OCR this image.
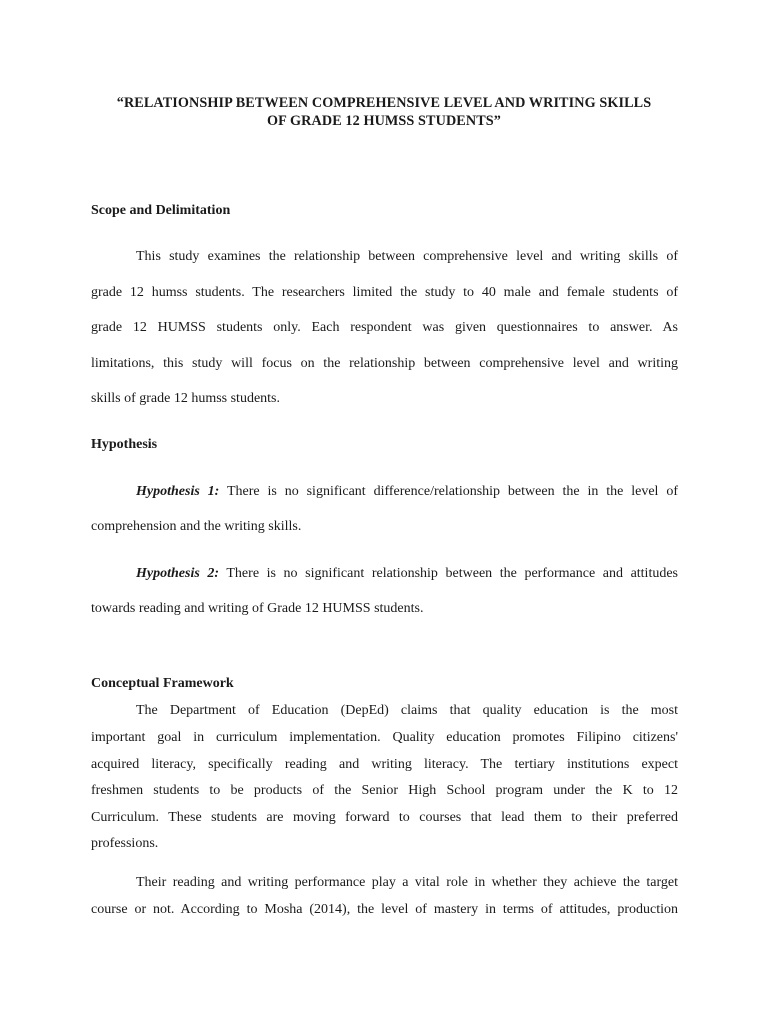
“RELATIONSHIP BETWEEN COMPREHENSIVE LEVEL AND WRITING SKILLS
OF GRADE 12 HUMSS STUDENTS”
Scope and Delimitation
This study examines the relationship between comprehensive level and writing skills of
grade 12 humss students. The researchers limited the study to 40 male and female students of
grade 12 HUMSS students only. Each respondent was given questionnaires to answer. As
limitations, this study will focus on the relationship between comprehensive level and writing
skills of grade 12 humss students.
Hypothesis
Hypothesis 1: There is no significant difference/relationship between the in the level of
comprehension and the writing skills.
Hypothesis 2: There is no significant relationship between the performance and attitudes
towards reading and writing of Grade 12 HUMSS students.
Conceptual Framework
The Department of Education (DepEd) claims that quality education is the most
important goal in curriculum implementation. Quality education promotes Filipino citizens'
acquired literacy, specifically reading and writing literacy. The tertiary institutions expect
freshmen students to be products of the Senior High School program under the K to 12
Curriculum. These students are moving forward to courses that lead them to their preferred
professions.
Their reading and writing performance play a vital role in whether they achieve the target
course or not. According to Mosha (2014), the level of mastery in terms of attitudes, production
